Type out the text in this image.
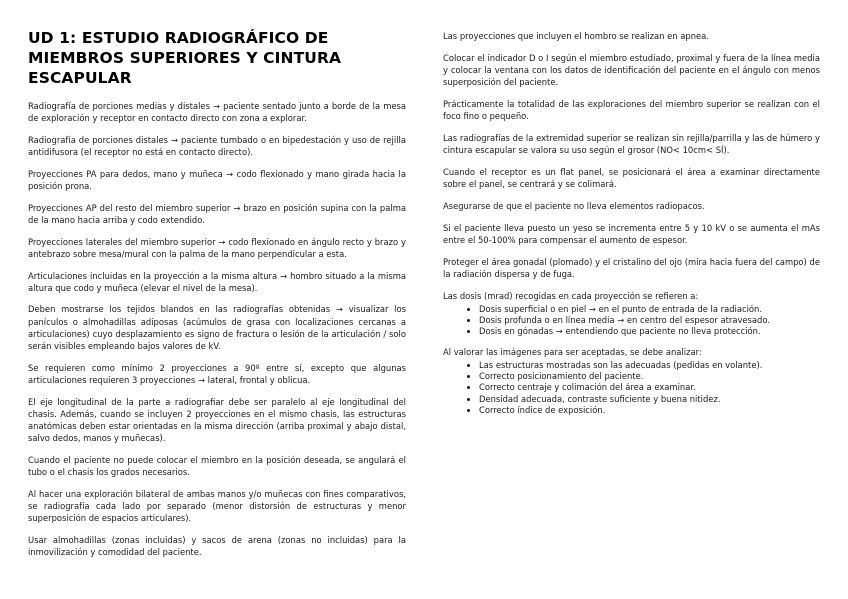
UD 1: ESTUDIO RADIOGRÁFICO DE MIEMBROS SUPERIORES Y CINTURA ESCAPULAR

Radiografía de porciones medias y distales → paciente sentado junto a borde de la mesa de exploración y receptor en contacto directo con zona a explorar.

Radiografía de porciones distales → paciente tumbado o en bipedestación y uso de rejilla antidifusora (el receptor no está en contacto directo).

Proyecciones PA para dedos, mano y muñeca → codo flexionado y mano girada hacia la posición prona.

Proyecciones AP del resto del miembro superior → brazo en posición supina con la palma de la mano hacia arriba y codo extendido.

Proyecciones laterales del miembro superior → codo flexionado en ángulo recto y brazo y antebrazo sobre mesa/mural con la palma de la mano perpendicular a esta.

Articulaciones incluidas en la proyección a la misma altura → hombro situado a la misma altura que codo y muñeca (elevar el nivel de la mesa).

Deben mostrarse los tejidos blandos en las radiografías obtenidas → visualizar los panículos o almohadillas adiposas (acúmulos de grasa con localizaciones cercanas a articulaciones) cuyo desplazamiento es signo de fractura o lesión de la articulación / solo serán visibles empleando bajos valores de kV.

Se requieren como mínimo 2 proyecciones a 90º entre sí, excepto que algunas articulaciones requieren 3 proyecciones → lateral, frontal y oblicua.

El eje longitudinal de la parte a radiografiar debe ser paralelo al eje longitudinal del chasis. Además, cuando se incluyen 2 proyecciones en el mismo chasis, las estructuras anatómicas deben estar orientadas en la misma dirección (arriba proximal y abajo distal, salvo dedos, manos y muñecas).

Cuando el paciente no puede colocar el miembro en la posición deseada, se angulará el tubo o el chasis los grados necesarios.

Al hacer una exploración bilateral de ambas manos y/o muñecas con fines comparativos, se radiografía cada lado por separado (menor distorsión de estructuras y menor superposición de espacios articulares).

Usar almohadillas (zonas incluidas) y sacos de arena (zonas no incluidas) para la inmovilización y comodidad del paciente.

Las proyecciones que incluyen el hombro se realizan en apnea.

Colocar el indicador D o I según el miembro estudiado, proximal y fuera de la línea media y colocar la ventana con los datos de identificación del paciente en el ángulo con menos superposición del paciente.

Prácticamente la totalidad de las exploraciones del miembro superior se realizan con el foco fino o pequeño.

Las radiografías de la extremidad superior se realizan sin rejilla/parrilla y las de húmero y cintura escapular se valora su uso según el grosor (NO< 10cm< SÍ).

Cuando el receptor es un flat panel, se posicionará el área a examinar directamente sobre el panel, se centrará y se colimará.

Asegurarse de que el paciente no lleva elementos radiopacos.

Si el paciente lleva puesto un yeso se incrementa entre 5 y 10 kV o se aumenta el mAs entre el 50-100% para compensar el aumento de espesor.

Proteger el área gonadal (plomado) y el cristalino del ojo (mira hacia fuera del campo) de la radiación dispersa y de fuga.

Las dosis (mrad) recogidas en cada proyección se refieren a:

• Dosis superficial o en piel → en el punto de entrada de la radiación.
• Dosis profunda o en línea media → en centro del espesor atravesado.
• Dosis en gónadas → entendiendo que paciente no lleva protección.

Al valorar las imágenes para ser aceptadas, se debe analizar:

• Las estructuras mostradas son las adecuadas (pedidas en volante).
• Correcto posicionamiento del paciente.
• Correcto centraje y colimación del área a examinar.
• Densidad adecuada, contraste suficiente y buena nitidez.
• Correcto índice de exposición.
